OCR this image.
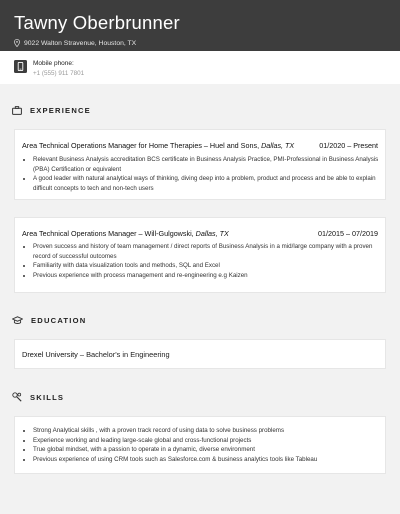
Tawny Oberbrunner
9022 Walton Stravenue, Houston, TX
Mobile phone:
+1 (555) 911 7801
EXPERIENCE
Area Technical Operations Manager for Home Therapies – Huel and Sons, Dallas, TX	01/2020 – Present
• Relevant Business Analysis accreditation BCS certificate in Business Analysis Practice, PMI-Professional in Business Analysis (PBA) Certification or equivalent
• A good leader with natural analytical ways of thinking, diving deep into a problem, product and process and be able to explain difficult concepts to tech and non-tech users
Area Technical Operations Manager – Will-Gulgowski, Dallas, TX	01/2015 – 07/2019
• Proven success and history of team management / direct reports of Business Analysis in a mid/large company with a proven record of successful outcomes
• Familiarity with data visualization tools and methods, SQL and Excel
• Previous experience with process management and re-engineering e.g Kaizen
EDUCATION
Drexel University – Bachelor's in Engineering
SKILLS
• Strong Analytical skills , with a proven track record of using data to solve business problems
• Experience working and leading large-scale global and cross-functional projects
• True global mindset, with a passion to operate in a dynamic, diverse environment
• Previous experience of using CRM tools such as Salesforce.com & business analytics tools like Tableau
